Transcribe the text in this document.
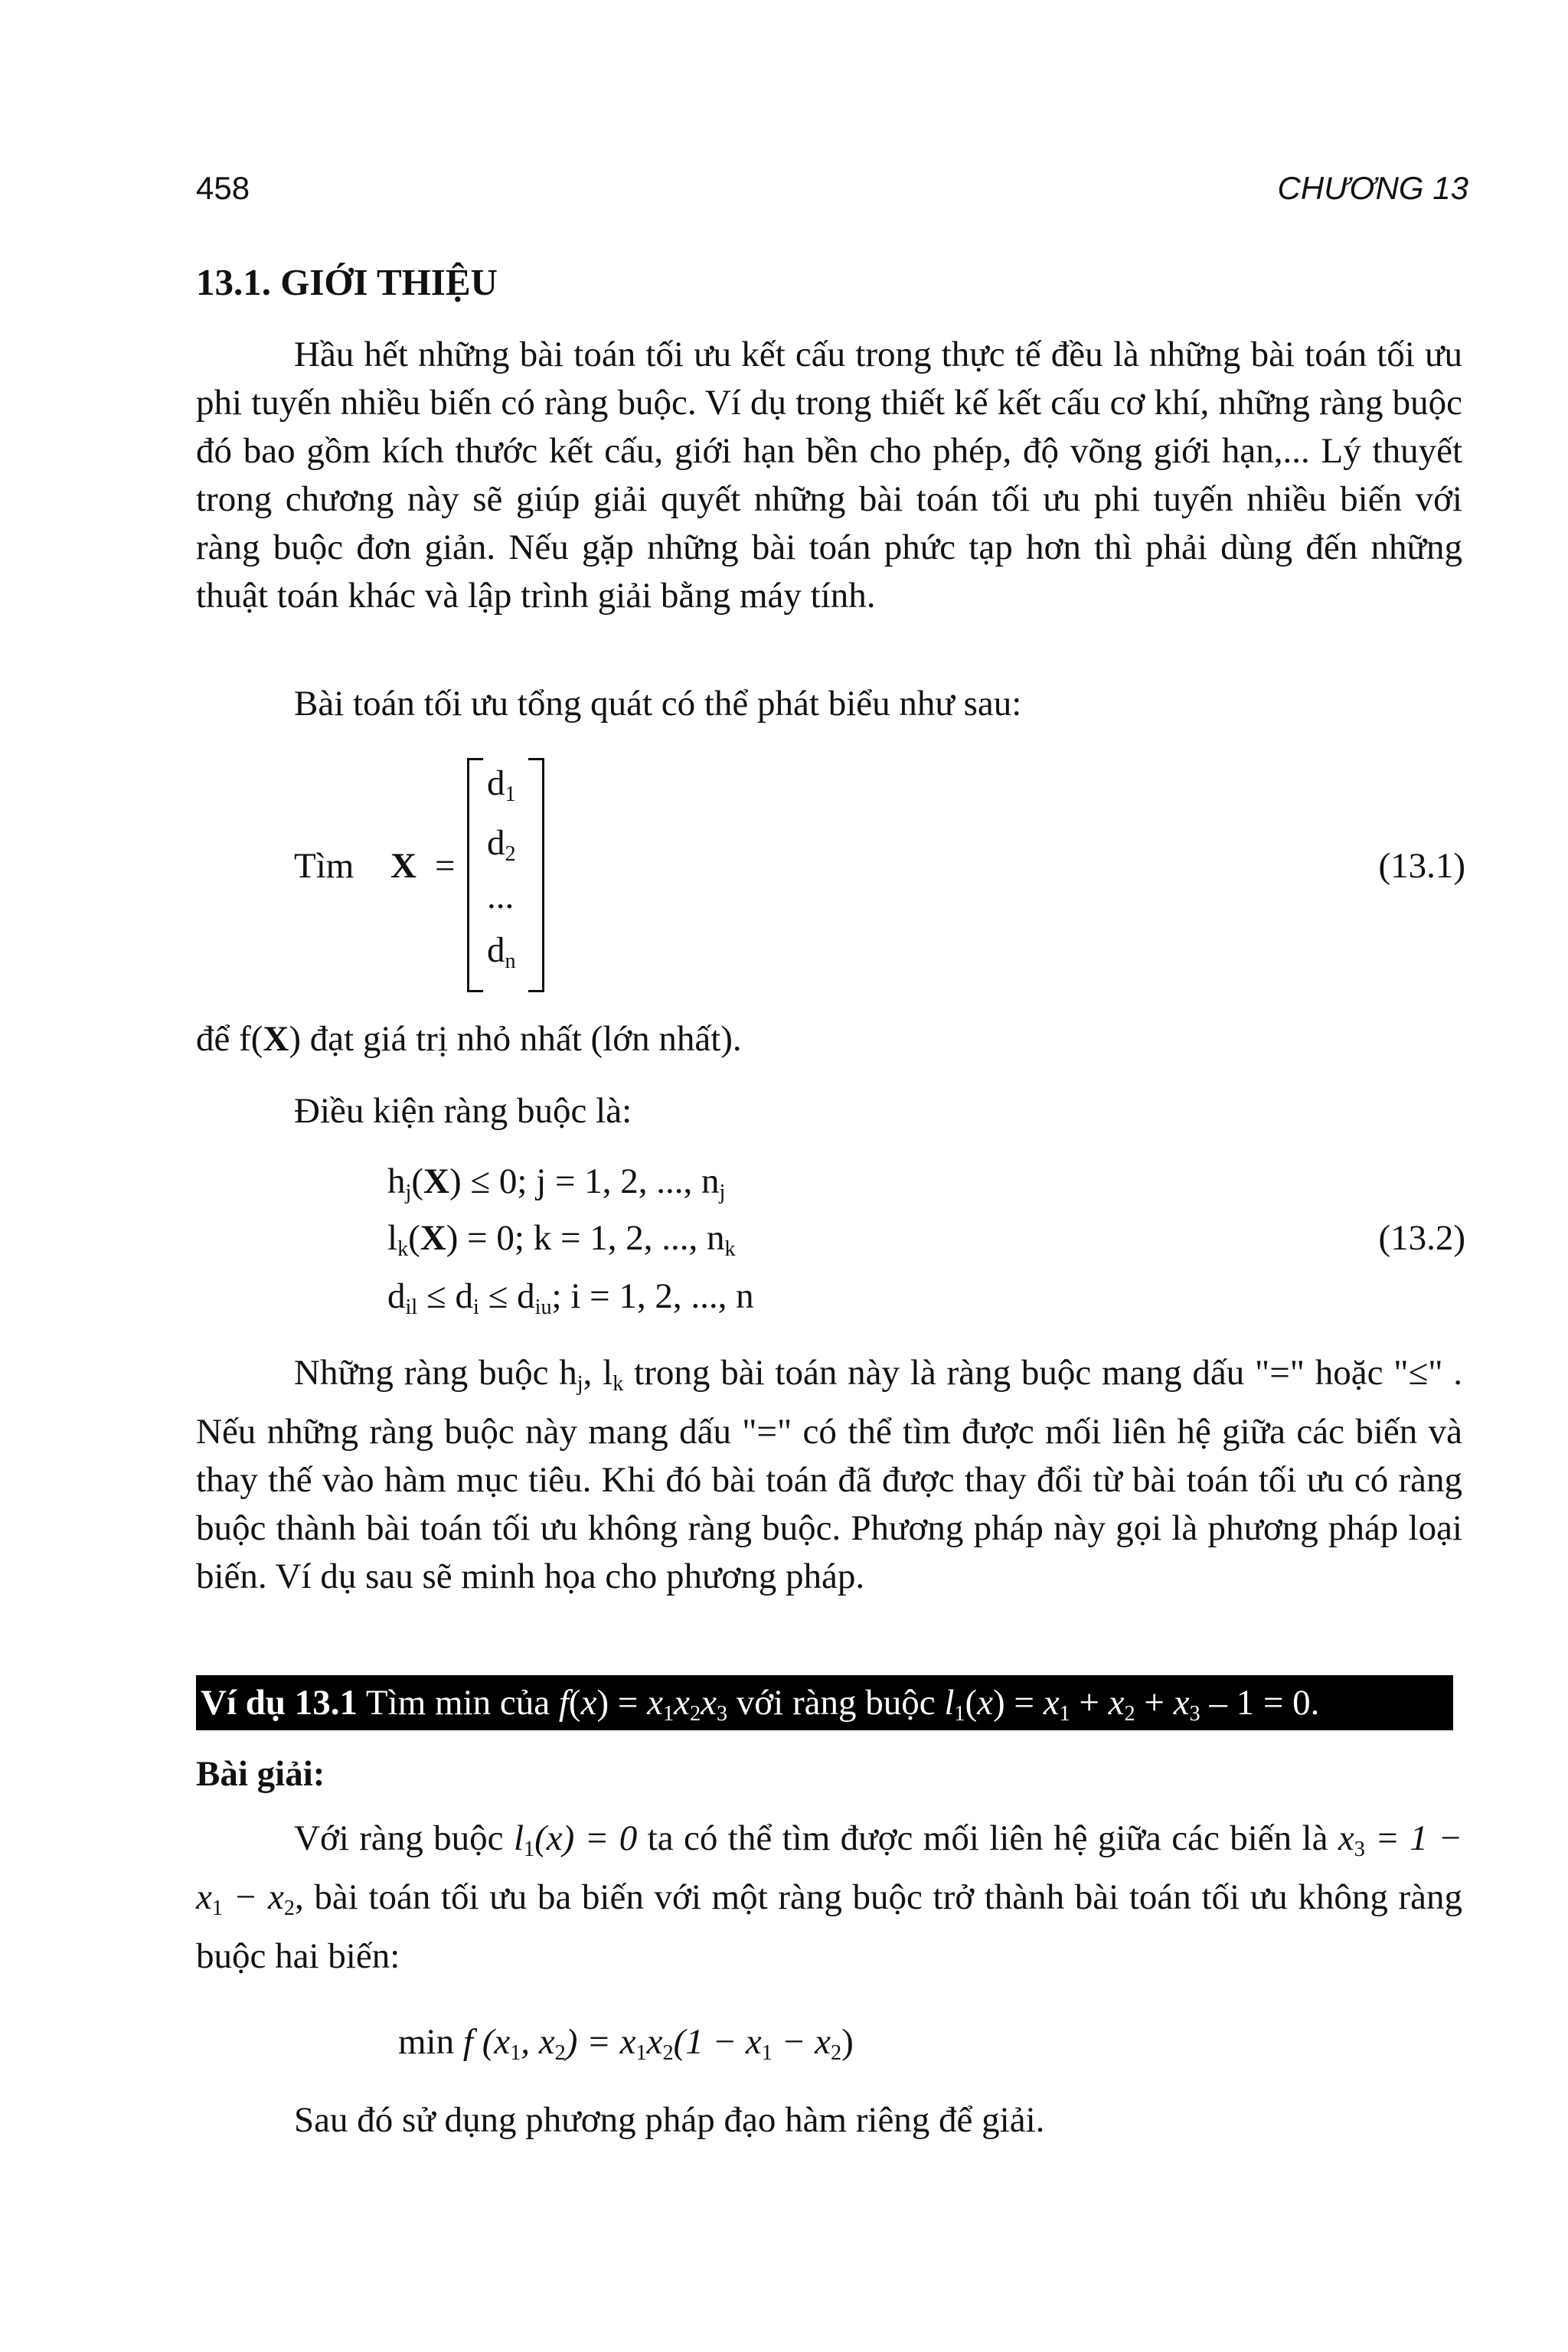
458	CHƯƠNG 13
13.1. GIỚI THIỆU
Hầu hết những bài toán tối ưu kết cấu trong thực tế đều là những bài toán tối ưu phi tuyến nhiều biến có ràng buộc. Ví dụ trong thiết kế kết cấu cơ khí, những ràng buộc đó bao gồm kích thước kết cấu, giới hạn bền cho phép, độ võng giới hạn,... Lý thuyết trong chương này sẽ giúp giải quyết những bài toán tối ưu phi tuyến nhiều biến với ràng buộc đơn giản. Nếu gặp những bài toán phức tạp hơn thì phải dùng đến những thuật toán khác và lập trình giải bằng máy tính.
Bài toán tối ưu tổng quát có thể phát biểu như sau:
Tìm X =
$d_1$
$d_2$
...
$d_n$
(13.1)
để f(X) đạt giá trị nhỏ nhất (lớn nhất).
Điều kiện ràng buộc là:
$h_j(X) \le 0$; j = 1, 2, ..., $n_j$
$l_k(X) = 0$; k = 1, 2, ..., $n_k$
$d_{il} \le d_i \le d_{iu}$; i = 1, 2, ..., n
(13.2)
Những ràng buộc $h_j$, $l_k$ trong bài toán này là ràng buộc mang dấu "=" hoặc "≤" . Nếu những ràng buộc này mang dấu "=" có thể tìm được mối liên hệ giữa các biến và thay thế vào hàm mục tiêu. Khi đó bài toán đã được thay đổi từ bài toán tối ưu có ràng buộc thành bài toán tối ưu không ràng buộc. Phương pháp này gọi là phương pháp loại biến. Ví dụ sau sẽ minh họa cho phương pháp.
Ví dụ 13.1 Tìm min của $f(x) = x_1x_2x_3$ với ràng buộc $l_1(x) = x_1 + x_2 + x_3 - 1 = 0$.
Bài giải:
Với ràng buộc $l_1(x) = 0$ ta có thể tìm được mối liên hệ giữa các biến là $x_3 = 1 - x_1 - x_2$, bài toán tối ưu ba biến với một ràng buộc trở thành bài toán tối ưu không ràng buộc hai biến:
min f ($x_1$, $x_2) = x_1x_2(1 - x_1 - x_2)$
Sau đó sử dụng phương pháp đạo hàm riêng để giải.
